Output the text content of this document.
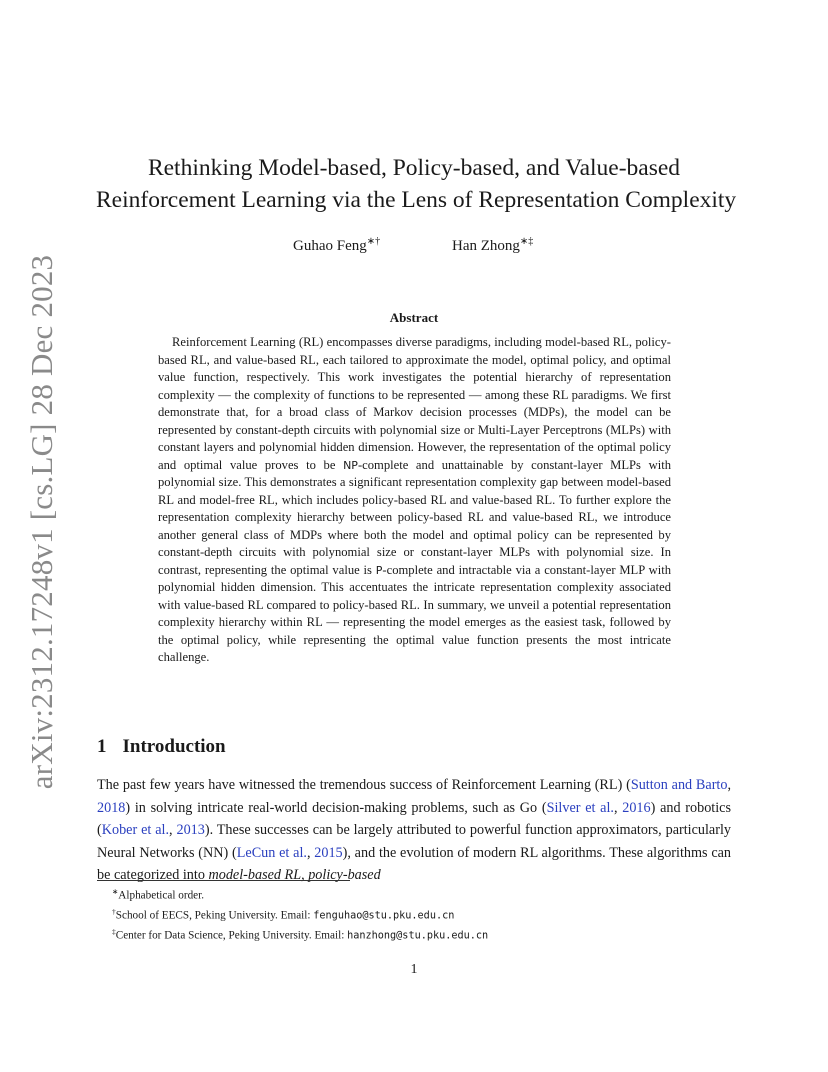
arXiv:2312.17248v1 [cs.LG] 28 Dec 2023
Rethinking Model-based, Policy-based, and Value-based
Reinforcement Learning via the Lens of Representation Complexity
Guhao Feng∗†	Han Zhong∗‡
Abstract

Reinforcement Learning (RL) encompasses diverse paradigms, including model-based RL, policy-based RL, and value-based RL, each tailored to approximate the model, optimal policy, and optimal value function, respectively. This work investigates the potential hierarchy of representation complexity — the complexity of functions to be represented — among these RL paradigms. We first demonstrate that, for a broad class of Markov decision processes (MDPs), the model can be represented by constant-depth circuits with polynomial size or Multi-Layer Perceptrons (MLPs) with constant layers and polynomial hidden dimension. However, the representation of the optimal policy and optimal value proves to be NP-complete and unattainable by constant-layer MLPs with polynomial size. This demonstrates a significant representation complexity gap between model-based RL and model-free RL, which includes policy-based RL and value-based RL. To further explore the representation complexity hierarchy between policy-based RL and value-based RL, we introduce another general class of MDPs where both the model and optimal policy can be represented by constant-depth circuits with polynomial size or constant-layer MLPs with polynomial size. In contrast, representing the optimal value is P-complete and intractable via a constant-layer MLP with polynomial hidden dimension. This accentuates the intricate representation complexity associated with value-based RL compared to policy-based RL. In summary, we unveil a potential representation complexity hierarchy within RL — representing the model emerges as the easiest task, followed by the optimal policy, while representing the optimal value function presents the most intricate challenge.

1 Introduction

The past few years have witnessed the tremendous success of Reinforcement Learning (RL) (Sutton and Barto, 2018) in solving intricate real-world decision-making problems, such as Go (Silver et al., 2016) and robotics (Kober et al., 2013). These successes can be largely attributed to powerful function approximators, particularly Neural Networks (NN) (LeCun et al., 2015), and the evolution of modern RL algorithms. These algorithms can be categorized into model-based RL, policy-based

∗Alphabetical order.
†School of EECS, Peking University. Email: fenguhao@stu.pku.edu.cn
‡Center for Data Science, Peking University. Email: hanzhong@stu.pku.edu.cn
1
